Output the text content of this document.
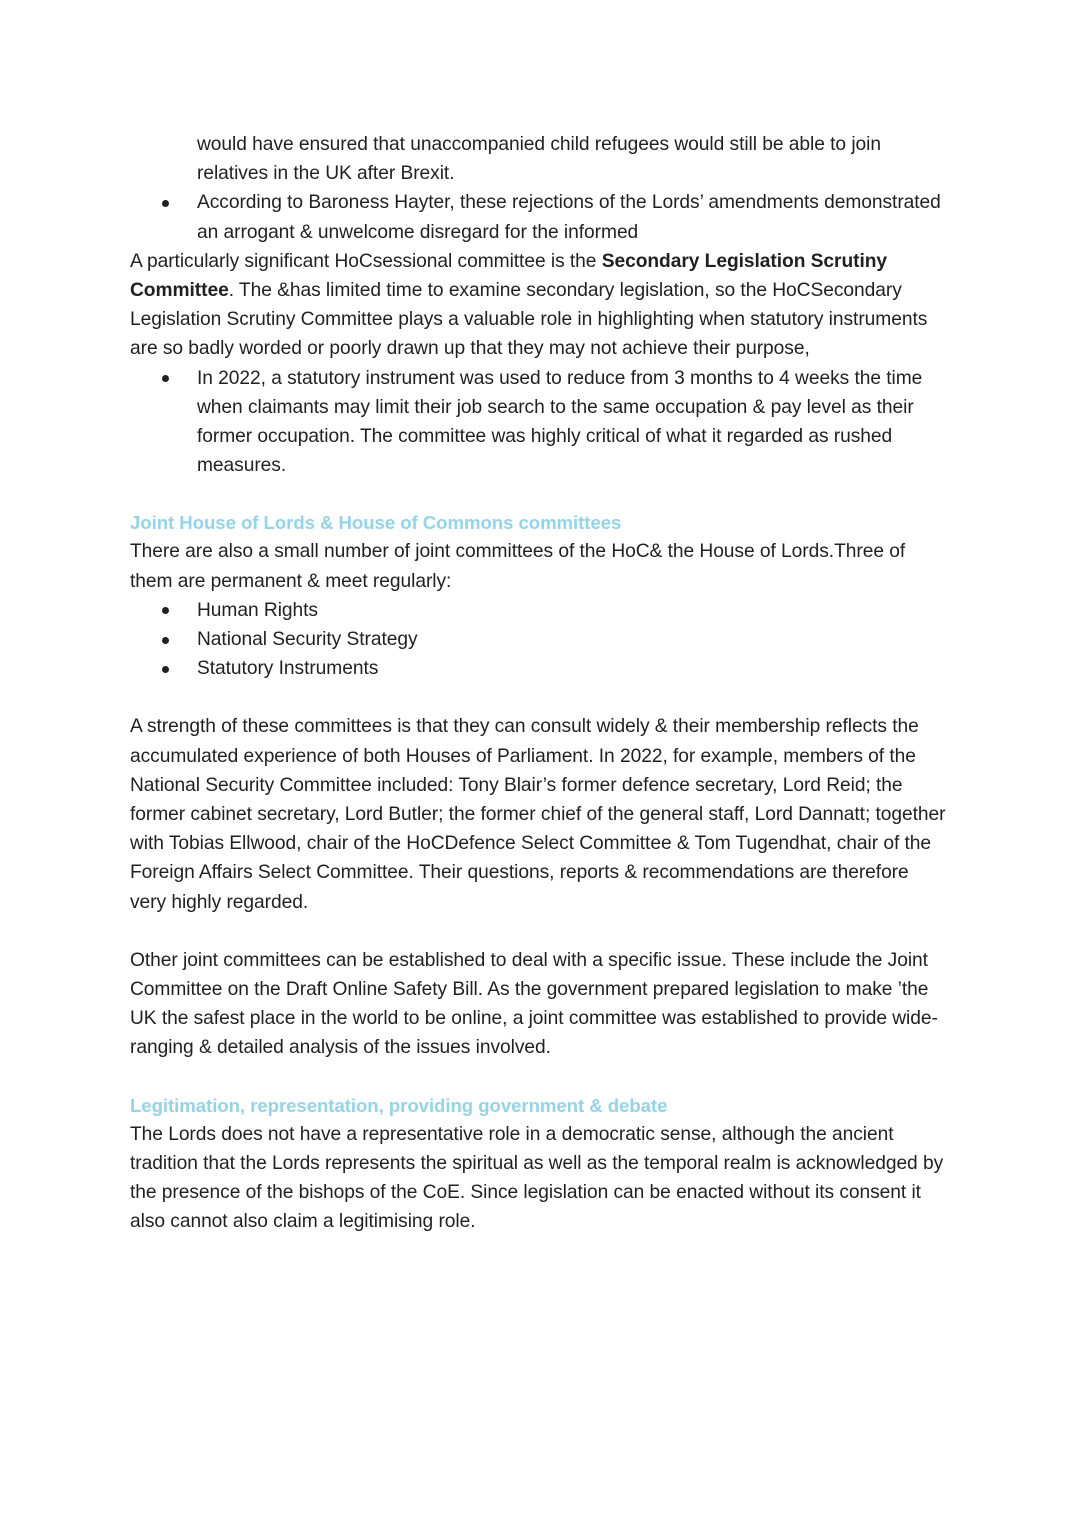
would have ensured that unaccompanied child refugees would still be able to join relatives in the UK after Brexit.

According to Baroness Hayter, these rejections of the Lords’ amendments demonstrated an arrogant & unwelcome disregard for the informed

A particularly significant HoCsessional committee is the Secondary Legislation Scrutiny Committee. The &has limited time to examine secondary legislation, so the HoCSecondary Legislation Scrutiny Committee plays a valuable role in highlighting when statutory instruments are so badly worded or poorly drawn up that they may not achieve their purpose,

In 2022, a statutory instrument was used to reduce from 3 months to 4 weeks the time when claimants may limit their job search to the same occupation & pay level as their former occupation. The committee was highly critical of what it regarded as rushed measures.
Joint House of Lords & House of Commons committees

There are also a small number of joint committees of the HoC& the House of Lords.Three of them are permanent & meet regularly:

Human Rights
National Security Strategy
Statutory Instruments

A strength of these committees is that they can consult widely & their membership reflects the accumulated experience of both Houses of Parliament. In 2022, for example, members of the National Security Committee included: Tony Blair’s former defence secretary, Lord Reid; the former cabinet secretary, Lord Butler; the former chief of the general staff, Lord Dannatt; together with Tobias Ellwood, chair of the HoCDefence Select Committee & Tom Tugendhat, chair of the Foreign Affairs Select Committee. Their questions, reports & recommendations are therefore very highly regarded.

Other joint committees can be established to deal with a specific issue. These include the Joint Committee on the Draft Online Safety Bill. As the government prepared legislation to make ’the UK the safest place in the world to be online, a joint committee was established to provide wide-ranging & detailed analysis of the issues involved.

Legitimation, representation, providing government & debate

The Lords does not have a representative role in a democratic sense, although the ancient tradition that the Lords represents the spiritual as well as the temporal realm is acknowledged by the presence of the bishops of the CoE. Since legislation can be enacted without its consent it also cannot also claim a legitimising role.
